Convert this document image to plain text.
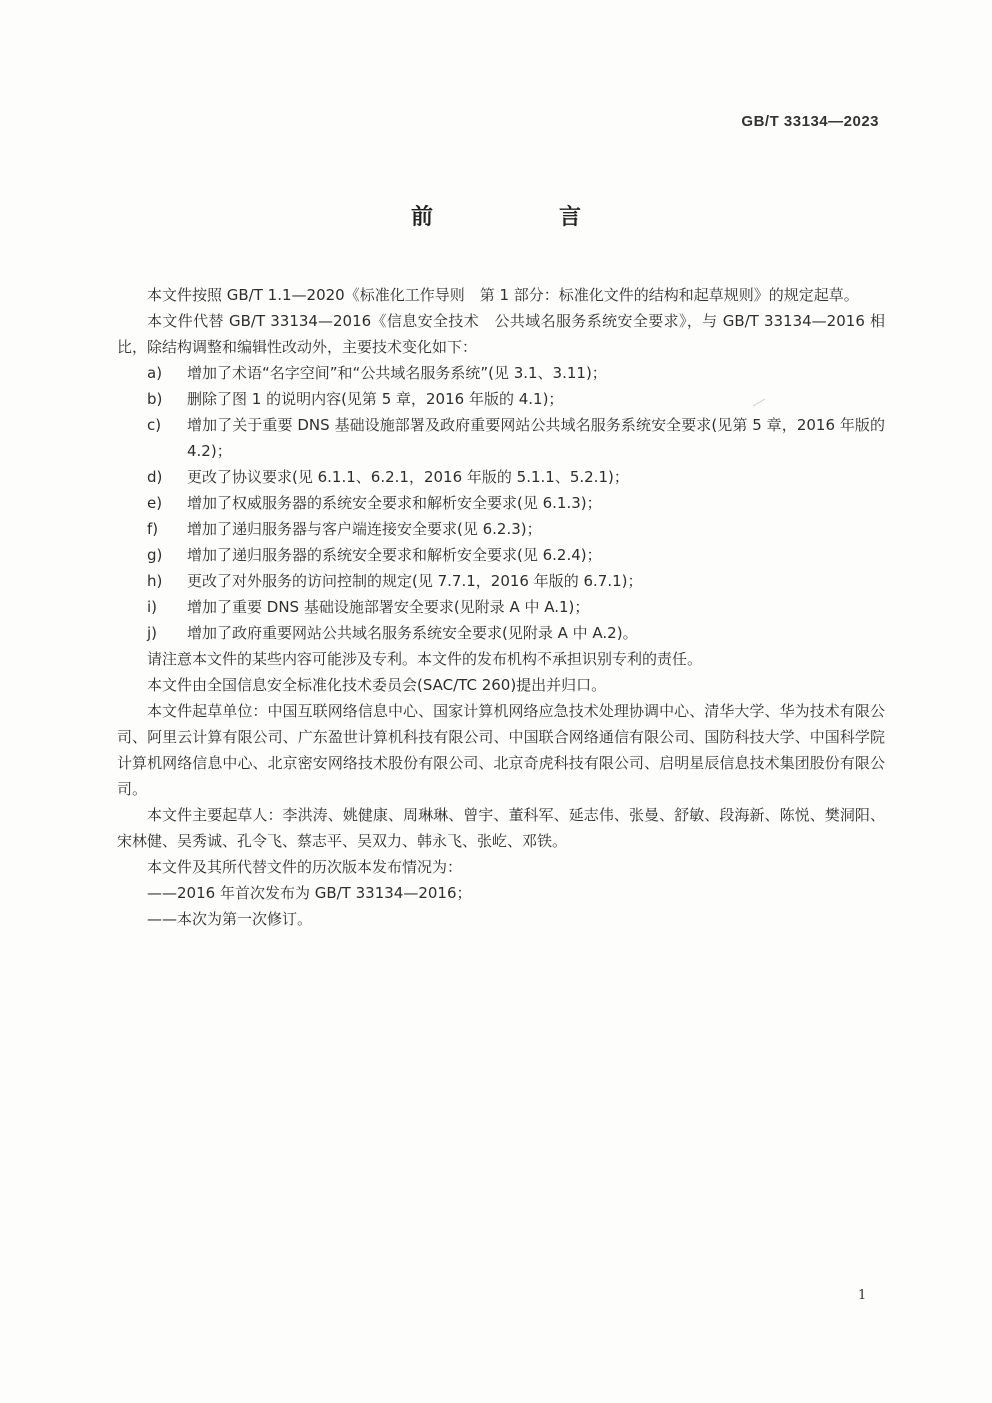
GB/T 33134—2023
前　言

本文件按照 GB/T 1.1—2020《标准化工作导则　第 1 部分：标准化文件的结构和起草规则》的规定起草。

本文件代替 GB/T 33134—2016《信息安全技术　公共域名服务系统安全要求》，与 GB/T 33134—2016 相比，除结构调整和编辑性改动外，主要技术变化如下：

a)	增加了术语“名字空间”和“公共域名服务系统”(见 3.1、3.11)；

b)	删除了图 1 的说明内容(见第 5 章，2016 年版的 4.1)；

c)	增加了关于重要 DNS 基础设施部署及政府重要网站公共域名服务系统安全要求(见第 5 章，2016 年版的 4.2)；

d)	更改了协议要求(见 6.1.1、6.2.1，2016 年版的 5.1.1、5.2.1)；

e)	增加了权威服务器的系统安全要求和解析安全要求(见 6.1.3)；

f)	增加了递归服务器与客户端连接安全要求(见 6.2.3)；

g)	增加了递归服务器的系统安全要求和解析安全要求(见 6.2.4)；

h)	更改了对外服务的访问控制的规定(见 7.7.1，2016 年版的 6.7.1)；

i)	增加了重要 DNS 基础设施部署安全要求(见附录 A 中 A.1)；

j)	增加了政府重要网站公共域名服务系统安全要求(见附录 A 中 A.2)。

请注意本文件的某些内容可能涉及专利。本文件的发布机构不承担识别专利的责任。

本文件由全国信息安全标准化技术委员会(SAC/TC 260)提出并归口。

本文件起草单位：中国互联网络信息中心、国家计算机网络应急技术处理协调中心、清华大学、华为技术有限公司、阿里云计算有限公司、广东盈世计算机科技有限公司、中国联合网络通信有限公司、国防科技大学、中国科学院计算机网络信息中心、北京密安网络技术股份有限公司、北京奇虎科技有限公司、启明星辰信息技术集团股份有限公司。

本文件主要起草人：李洪涛、姚健康、周琳琳、曾宇、董科军、延志伟、张曼、舒敏、段海新、陈悦、樊洞阳、宋林健、吴秀诚、孔令飞、蔡志平、吴双力、韩永飞、张屹、邓铁。

本文件及其所代替文件的历次版本发布情况为：

——2016 年首次发布为 GB/T 33134—2016；

——本次为第一次修订。

1
